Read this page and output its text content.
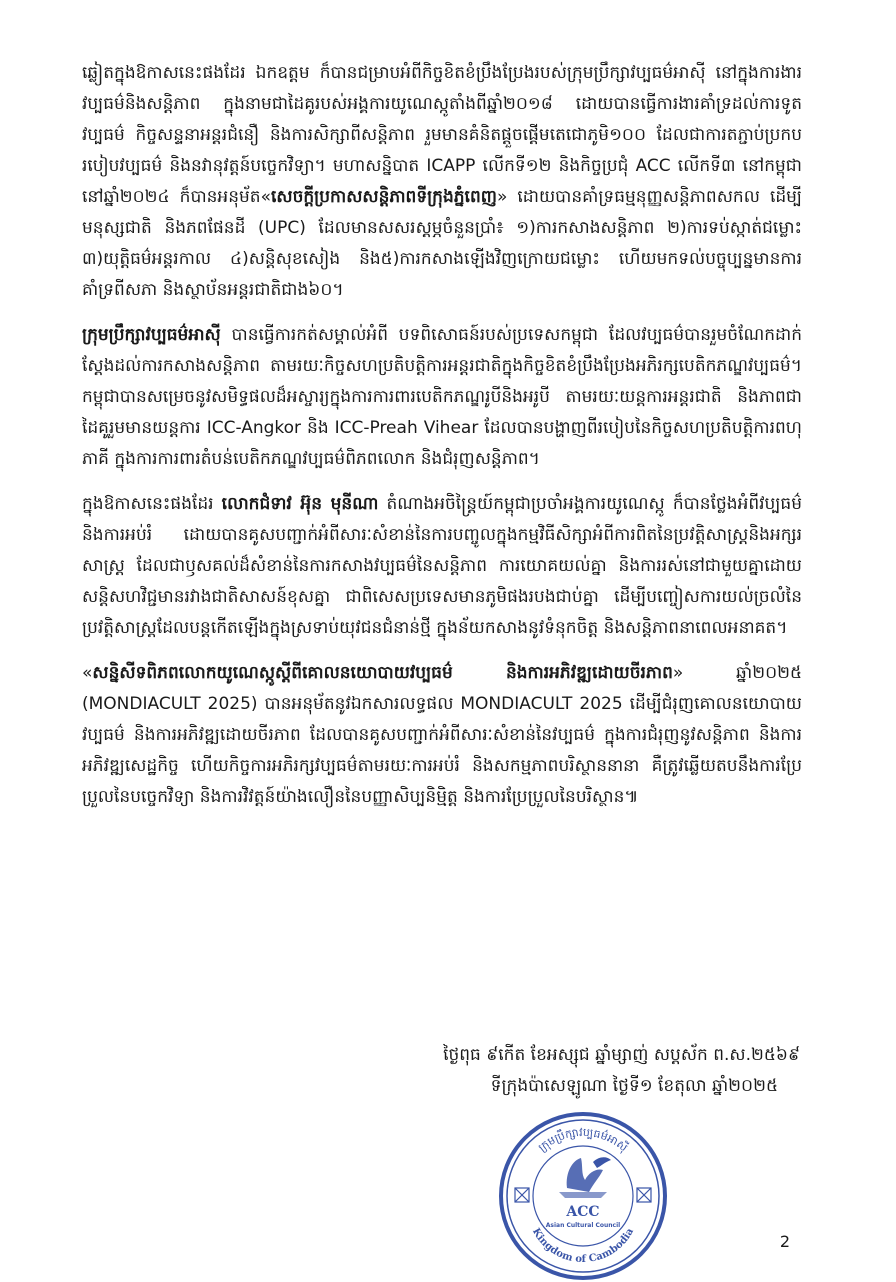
ឆ្លៀតក្នុងឱកាសនេះផងដែរ ឯកឧត្តម ក៏បានជម្រាបអំពីកិច្ចខិតខំប្រឹងប្រែងរបស់ក្រុមប្រឹក្សាវប្បធម៌អាស៊ី នៅក្នុងការងារវប្បធម៌និងសន្តិភាព ក្នុងនាមជាដៃគូរបស់អង្គការយូណេស្កូតាំងពីឆ្នាំ២០១៨ ដោយបានធ្វើការងារគាំទ្រដល់ការទូតវប្បធម៌ កិច្ចសន្ទនាអន្តរជំនឿ និងការសិក្សាពីសន្តិភាព រួមមានគំនិតផ្តួចផ្តើមតេជោភូមិ១០០ ដែលជាការតភ្ជាប់ប្រកបរបៀបវប្បធម៌ និងនវានុវត្តន៍បច្ចេកវិទ្យា។ មហាសន្និបាត ICAPP លើកទី១២ និងកិច្ចប្រជុំ ACC លើកទី៣ នៅកម្ពុជា នៅឆ្នាំ២០២៤ ក៏បានអនុម័ត«សេចក្តីប្រកាសសន្តិភាពទីក្រុងភ្នំពេញ» ដោយបានគាំទ្រធម្មនុញ្ញសន្តិភាពសកល ដើម្បីមនុស្សជាតិ និងភពផែនដី (UPC) ដែលមានសសរស្តម្ភចំនួនប្រាំ៖ ១)ការកសាងសន្តិភាព ២)ការទប់ស្កាត់ជម្លោះ ៣)យុត្តិធម៌អន្តរកាល ៤)សន្តិសុខសៀង និង៥)ការកសាងឡើងវិញក្រោយជម្លោះ ហើយមកទល់បច្ចុប្បន្នមានការគាំទ្រពីសភា និងស្ថាប័នអន្តរជាតិជាង៦០។

ក្រុមប្រឹក្សាវប្បធម៌អាស៊ី បានធ្វើការកត់សម្គាល់អំពី បទពិសោធន៍របស់ប្រទេសកម្ពុជា ដែលវប្បធម៌បានរួមចំណែកដាក់ស្តែងដល់ការកសាងសន្តិភាព តាមរយៈកិច្ចសហប្រតិបត្តិការអន្តរជាតិក្នុងកិច្ចខិតខំប្រឹងប្រែងអភិរក្សបេតិកភណ្ឌវប្បធម៌។ កម្ពុជាបានសម្រេចនូវសមិទ្ធផលដ៏អស្ចារ្យក្នុងការការពារបេតិកភណ្ឌរូបីនិងអរូបី តាមរយៈយន្តការអន្តរជាតិ និងភាពជាដៃគូរួមមានយន្តការ ICC-Angkor និង ICC-Preah Vihear ដែលបានបង្ហាញពីរបៀបនៃកិច្ចសហប្រតិបត្តិការពហុភាគី ក្នុងការការពារតំបន់បេតិកភណ្ឌវប្បធម៌ពិភពលោក និងជំរុញសន្តិភាព។

ក្នុងឱកាសនេះផងដែរ លោកជំទាវ អ៊ុន មុនីណា តំណាងអចិន្ត្រៃយ៍កម្ពុជាប្រចាំអង្គការយូណេស្កូ ក៏បានថ្លែងអំពីវប្បធម៌និងការអប់រំ ដោយបានគូសបញ្ជាក់អំពីសារៈសំខាន់នៃការបញ្ចូលក្នុងកម្មវិធីសិក្សាអំពីការពិតនៃប្រវត្តិសាស្ត្រនិងអក្សរសាស្ត្រ ដែលជាឫសគល់ដ៏សំខាន់នៃការកសាងវប្បធម៌នៃសន្តិភាព ការយោគយល់គ្នា និងការរស់នៅជាមួយគ្នាដោយសន្តិសហវិជ្ជមានរវាងជាតិសាសន៍ខុសគ្នា ជាពិសេសប្រទេសមានភូមិផងរបងជាប់គ្នា ដើម្បីបញ្ចៀសការយល់ច្រលំនៃប្រវត្តិសាស្ត្រដែលបន្តកើតឡើងក្នុងស្រទាប់យុវជនជំនាន់ថ្មី ក្នុងន័យកសាងនូវទំនុកចិត្ត និងសន្តិភាពនាពេលអនាគត។

«សន្និសីទពិភពលោកយូណេស្កូស្តីពីគោលនយោបាយវប្បធម៌ និងការអភិវឌ្ឍដោយចីរភាព» ឆ្នាំ២០២៥ (MONDIACULT 2025) បានអនុម័តនូវឯកសារលទ្ធផល MONDIACULT 2025 ដើម្បីជំរុញគោលនយោបាយវប្បធម៌ និងការអភិវឌ្ឍដោយចីរភាព ដែលបានគូសបញ្ជាក់អំពីសារៈសំខាន់នៃវប្បធម៌ ក្នុងការជំរុញនូវសន្តិភាព និងការអភិវឌ្ឍសេដ្ឋកិច្ច ហើយកិច្ចការអភិរក្សវប្បធម៌តាមរយៈការអប់រំ និងសកម្មភាពបរិស្ថាននានា គឺត្រូវឆ្លើយតបនឹងការប្រែប្រួលនៃបច្ចេកវិទ្យា និងការវិវត្តន៍យ៉ាងលឿននៃបញ្ញាសិប្បនិម្មិត្ត និងការប្រែប្រួលនៃបរិស្ថាន៕

ថ្ងៃពុធ ៩កើត ខែអស្សុជ ឆ្នាំម្សាញ់ សប្តស័ក ព.ស.២៥៦៩
ទីក្រុងប៉ាសេឡូណា ថ្ងៃទី១ ខែតុលា ឆ្នាំ២០២៥
ក្រុមប្រឹក្សាវប្បធម៌អាស៊ី
Kingdom of Cambodia
ACC
Asian Cultural Council
2
